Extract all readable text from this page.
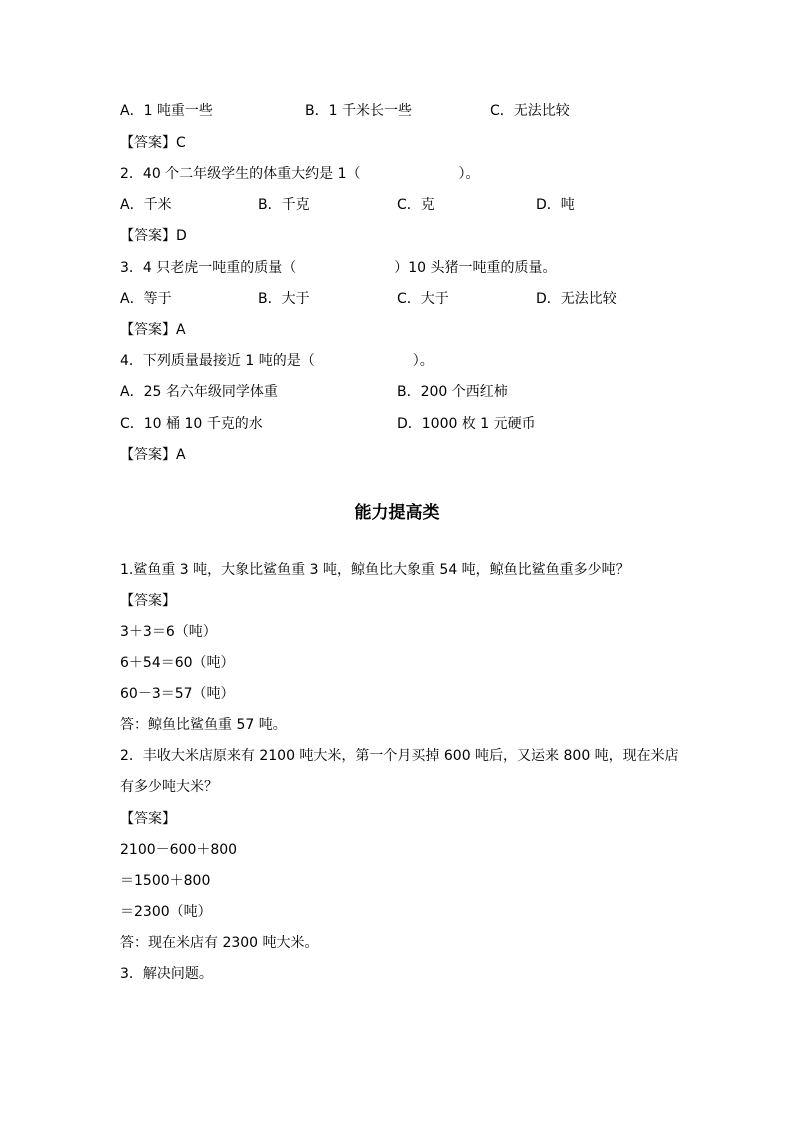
A．1 吨重一些	B．1 千米长一些	C．无法比较
【答案】C
2．40 个二年级学生的体重大约是 1（　　　　　　　）。
A．千米	B．千克	C．克	D．吨
【答案】D
3．4 只老虎一吨重的质量（　　　　　　　）10 头猪一吨重的质量。
A．等于	B．大于	C．大于	D．无法比较
【答案】A
4．下列质量最接近 1 吨的是（　　　　　　　）。
A．25 名六年级同学体重	B．200 个西红柿
C．10 桶 10 千克的水	D．1000 枚 1 元硬币
【答案】A
能力提高类
1.鲨鱼重 3 吨，大象比鲨鱼重 3 吨，鲸鱼比大象重 54 吨，鲸鱼比鲨鱼重多少吨？
【答案】
3＋3＝6（吨）
6＋54＝60（吨）
60－3＝57（吨）
答：鲸鱼比鲨鱼重 57 吨。
2．丰收大米店原来有 2100 吨大米，第一个月买掉 600 吨后，又运来 800 吨，现在米店有多少吨大米？
【答案】
2100－600＋800
＝1500＋800
＝2300（吨）
答：现在米店有 2300 吨大米。
3．解决问题。
